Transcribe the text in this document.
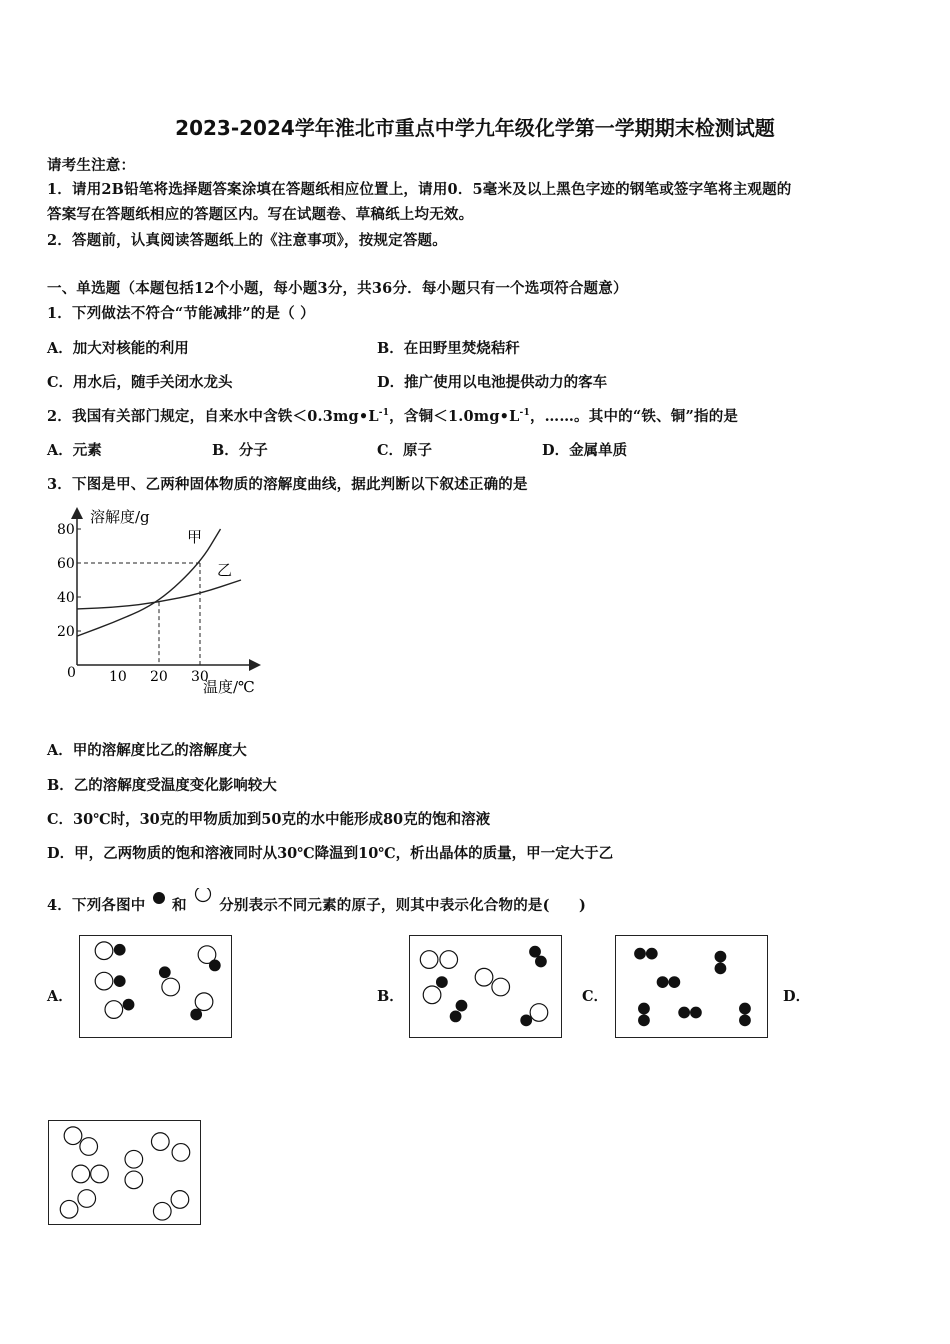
2023-2024学年淮北市重点中学九年级化学第一学期期末检测试题
请考生注意：
1．请用2B铅笔将选择题答案涂填在答题纸相应位置上，请用0．5毫米及以上黑色字迹的钢笔或签字笔将主观题的
答案写在答题纸相应的答题区内。写在试题卷、草稿纸上均无效。
2．答题前，认真阅读答题纸上的《注意事项》，按规定答题。
一、单选题（本题包括12个小题，每小题3分，共36分．每小题只有一个选项符合题意）
1．下列做法不符合“节能减排”的是（ ）
A．加大对核能的利用	B．在田野里焚烧秸秆
C．用水后，随手关闭水龙头	D．推广使用以电池提供动力的客车
2．我国有关部门规定，自来水中含铁$<0.3mg•L^{-1}$，含铜$<1.0mg•L^{-1}$，……。其中的“铁、铜”指的是
A．元素	B．分子	C．原子	D．金属单质
3．下图是甲、乙两种固体物质的溶解度曲线，据此判断以下叙述正确的是
溶解度/g
温度/℃
20
40
60
80
0 10 20 30
甲
乙
A．甲的溶解度比乙的溶解度大
B．乙的溶解度受温度变化影响较大
C．30℃时，30克的甲物质加到50克的水中能形成80克的饱和溶液
D．甲，乙两物质的饱和溶液同时从30℃降温到10℃，析出晶体的质量，甲一定大于乙
4．下列各图中 和 分别表示不同元素的原子，则其中表示化合物的是(　　)
A．	B．	C．	D．
